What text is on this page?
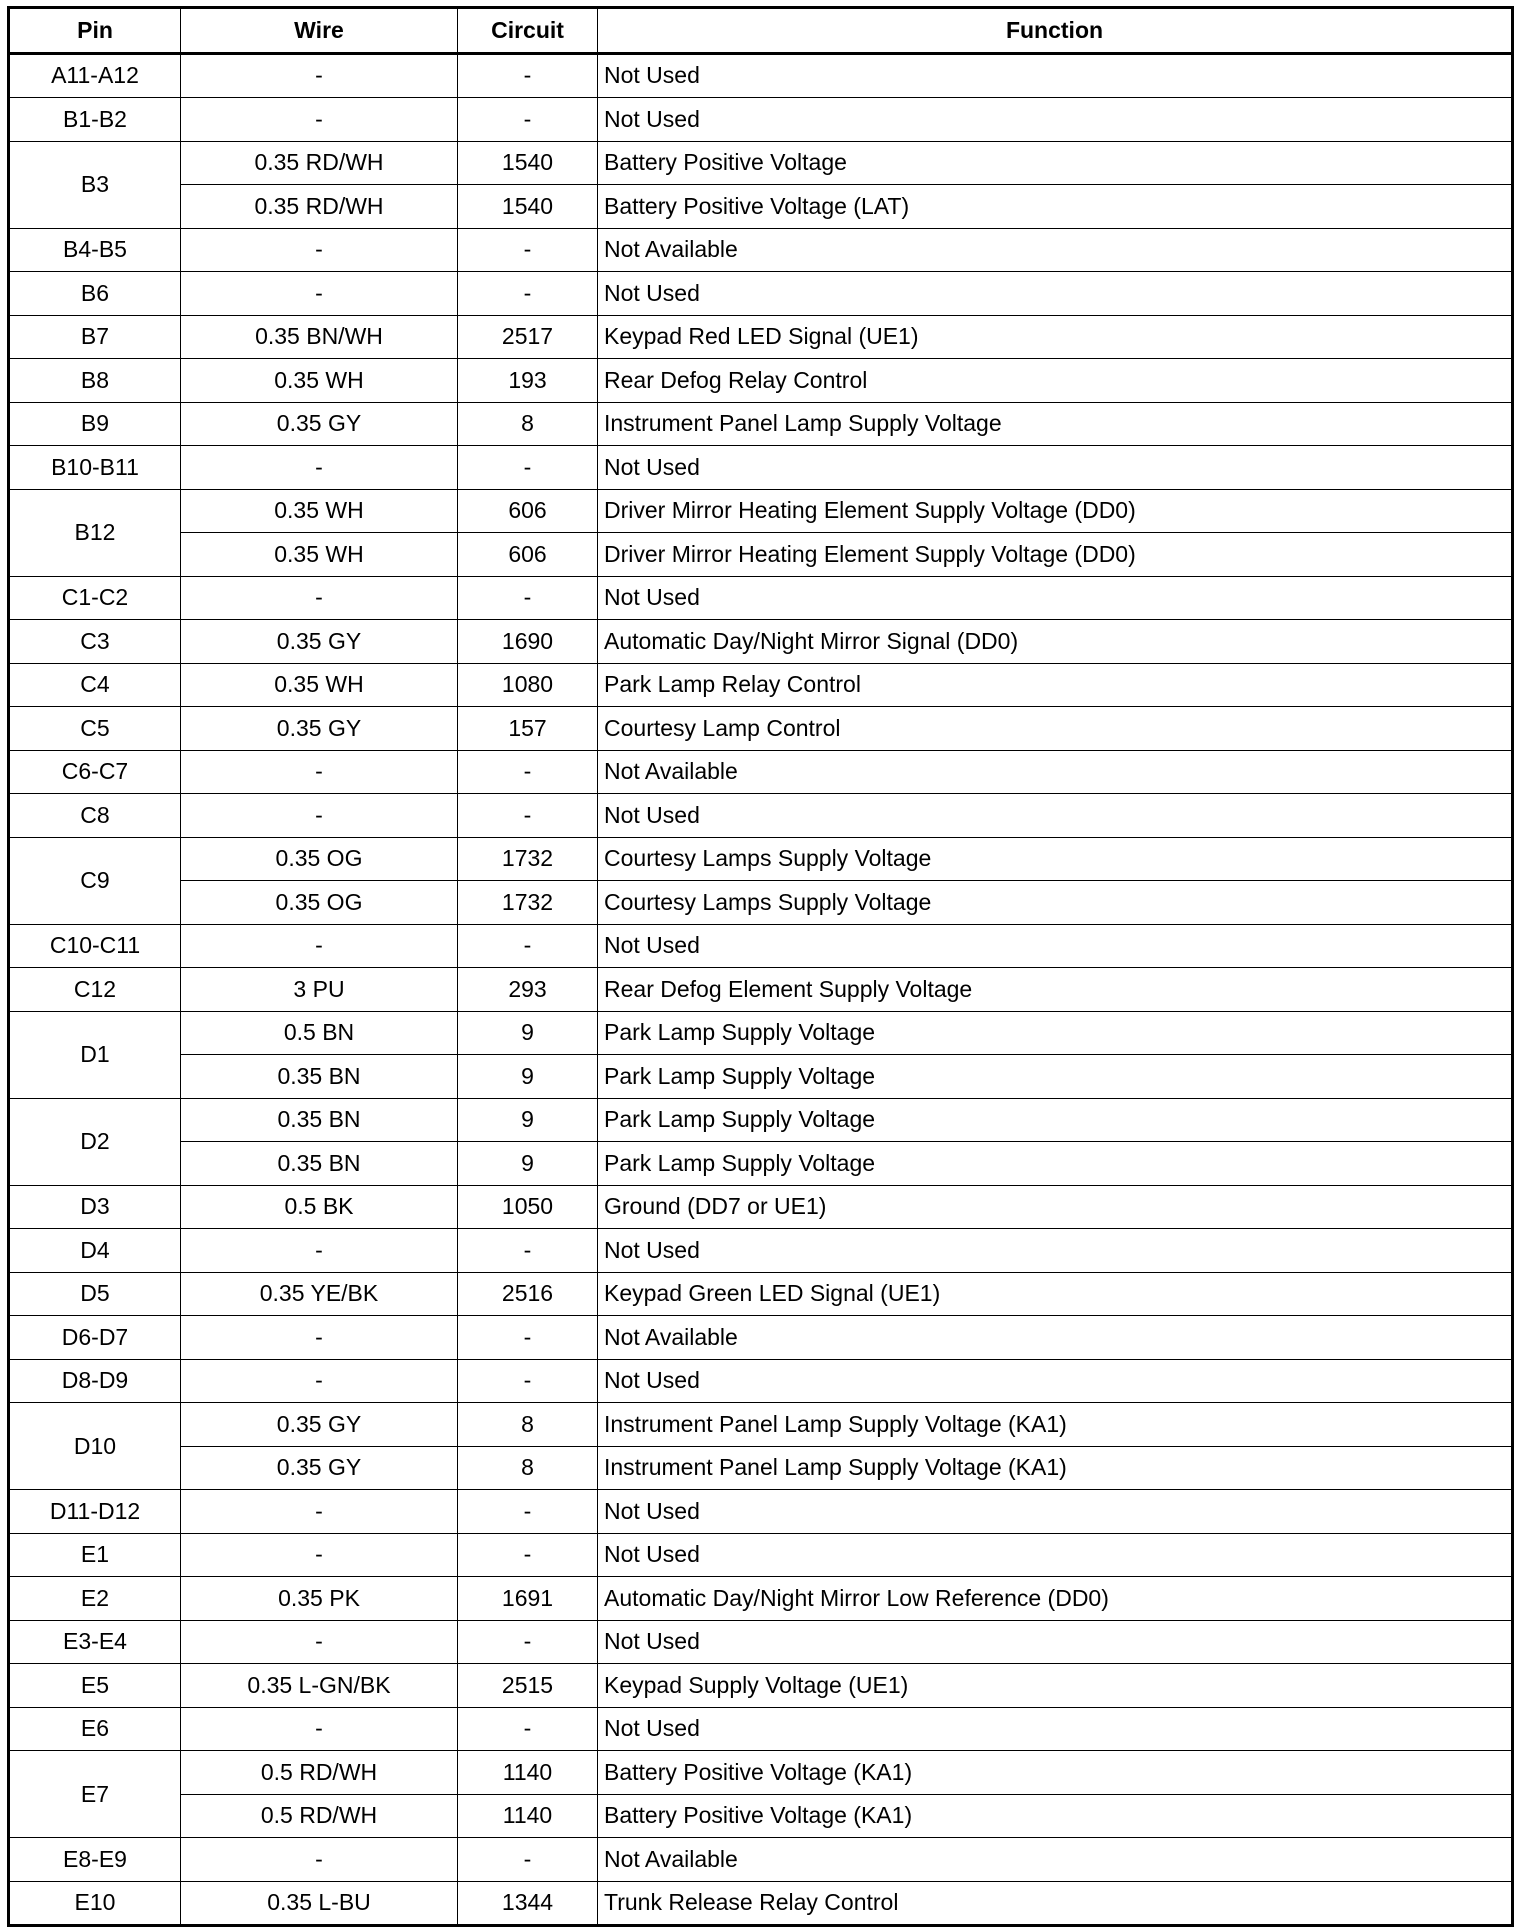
Pin	Wire	Circuit	Function
A11-A12	-	-	Not Used
B1-B2	-	-	Not Used
B3	0.35 RD/WH	1540	Battery Positive Voltage
	0.35 RD/WH	1540	Battery Positive Voltage (LAT)
B4-B5	-	-	Not Available
B6	-	-	Not Used
B7	0.35 BN/WH	2517	Keypad Red LED Signal (UE1)
B8	0.35 WH	193	Rear Defog Relay Control
B9	0.35 GY	8	Instrument Panel Lamp Supply Voltage
B10-B11	-	-	Not Used
B12	0.35 WH	606	Driver Mirror Heating Element Supply Voltage (DD0)
	0.35 WH	606	Driver Mirror Heating Element Supply Voltage (DD0)
C1-C2	-	-	Not Used
C3	0.35 GY	1690	Automatic Day/Night Mirror Signal (DD0)
C4	0.35 WH	1080	Park Lamp Relay Control
C5	0.35 GY	157	Courtesy Lamp Control
C6-C7	-	-	Not Available
C8	-	-	Not Used
C9	0.35 OG	1732	Courtesy Lamps Supply Voltage
	0.35 OG	1732	Courtesy Lamps Supply Voltage
C10-C11	-	-	Not Used
C12	3 PU	293	Rear Defog Element Supply Voltage
D1	0.5 BN	9	Park Lamp Supply Voltage
	0.35 BN	9	Park Lamp Supply Voltage
D2	0.35 BN	9	Park Lamp Supply Voltage
	0.35 BN	9	Park Lamp Supply Voltage
D3	0.5 BK	1050	Ground (DD7 or UE1)
D4	-	-	Not Used
D5	0.35 YE/BK	2516	Keypad Green LED Signal (UE1)
D6-D7	-	-	Not Available
D8-D9	-	-	Not Used
D10	0.35 GY	8	Instrument Panel Lamp Supply Voltage (KA1)
	0.35 GY	8	Instrument Panel Lamp Supply Voltage (KA1)
D11-D12	-	-	Not Used
E1	-	-	Not Used
E2	0.35 PK	1691	Automatic Day/Night Mirror Low Reference (DD0)
E3-E4	-	-	Not Used
E5	0.35 L-GN/BK	2515	Keypad Supply Voltage (UE1)
E6	-	-	Not Used
E7	0.5 RD/WH	1140	Battery Positive Voltage (KA1)
	0.5 RD/WH	1140	Battery Positive Voltage (KA1)
E8-E9	-	-	Not Available
E10	0.35 L-BU	1344	Trunk Release Relay Control
